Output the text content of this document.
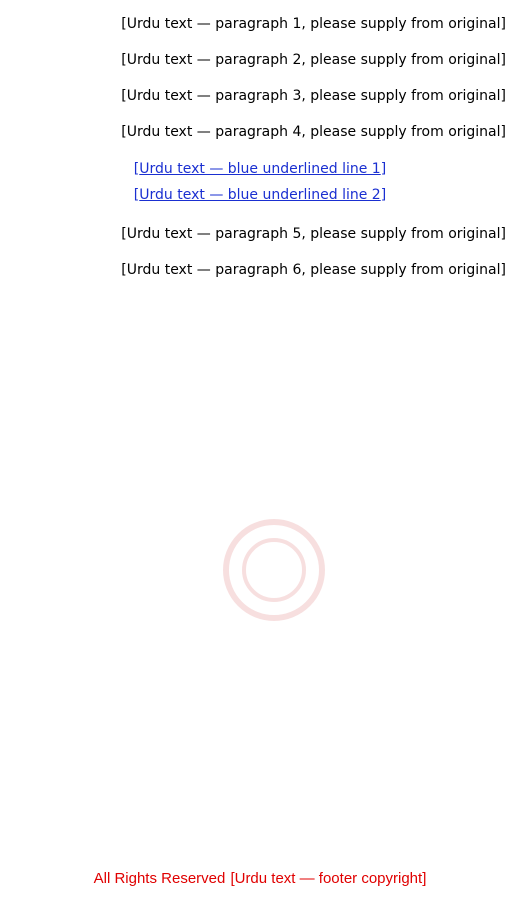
[Urdu text — paragraph 1, please supply from original]

[Urdu text — paragraph 2, please supply from original]

[Urdu text — paragraph 3, please supply from original]

[Urdu text — paragraph 4, please supply from original]

[Urdu text — blue underlined line 1]
[Urdu text — blue underlined line 2]

[Urdu text — paragraph 5, please supply from original]

[Urdu text — paragraph 6, please supply from original]

[Urdu text — footer copyright] All Rights Reserved
